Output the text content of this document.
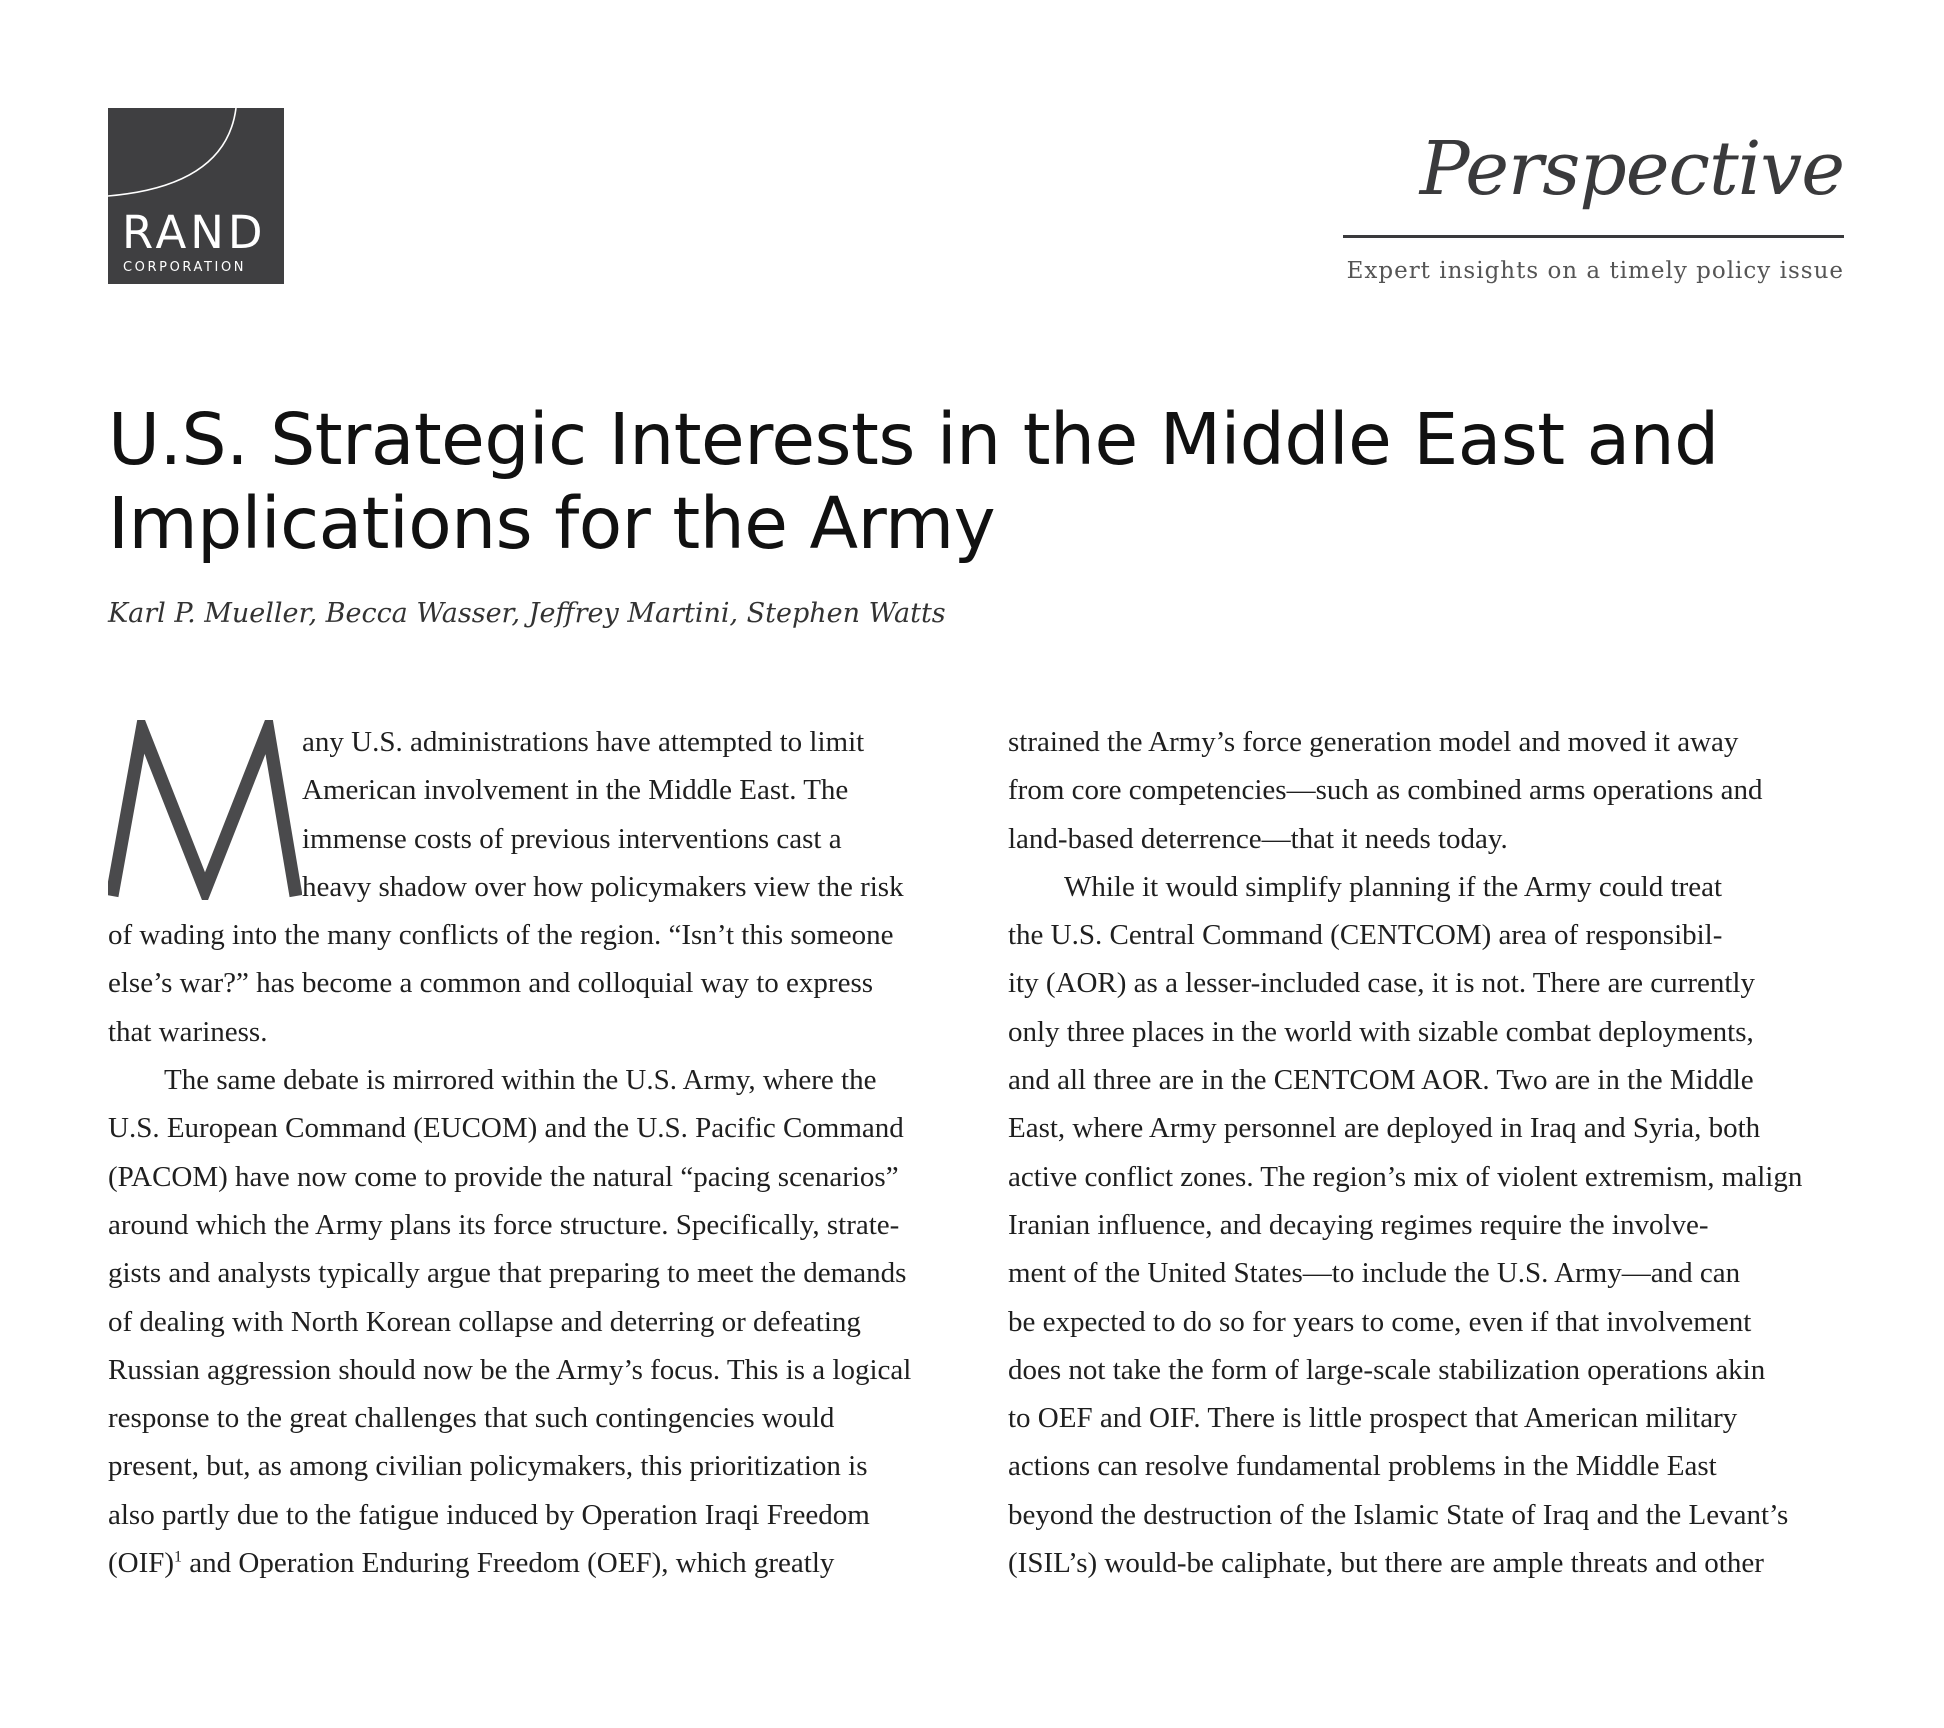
RAND
CORPORATION
Perspective
Expert insights on a timely policy issue
U.S. Strategic Interests in the Middle East and
Implications for the Army
Karl P. Mueller, Becca Wasser, Jeffrey Martini, Stephen Watts

any U.S. administrations have attempted to limit
American involvement in the Middle East. The
immense costs of previous interventions cast a
heavy shadow over how policymakers view the risk
of wading into the many conflicts of the region. “Isn’t this someone
else’s war?” has become a common and colloquial way to express
that wariness.

The same debate is mirrored within the U.S. Army, where the
U.S. European Command (EUCOM) and the U.S. Pacific Command
(PACOM) have now come to provide the natural “pacing scenarios”
around which the Army plans its force structure. Specifically, strate-
gists and analysts typically argue that preparing to meet the demands
of dealing with North Korean collapse and deterring or defeating
Russian aggression should now be the Army’s focus. This is a logical
response to the great challenges that such contingencies would
present, but, as among civilian policymakers, this prioritization is
also partly due to the fatigue induced by Operation Iraqi Freedom
(OIF)$^1$ and Operation Enduring Freedom (OEF), which greatly

strained the Army’s force generation model and moved it away
from core competencies—such as combined arms operations and
land-based deterrence—that it needs today.

While it would simplify planning if the Army could treat
the U.S. Central Command (CENTCOM) area of responsibil-
ity (AOR) as a lesser-included case, it is not. There are currently
only three places in the world with sizable combat deployments,
and all three are in the CENTCOM AOR. Two are in the Middle
East, where Army personnel are deployed in Iraq and Syria, both
active conflict zones. The region’s mix of violent extremism, malign
Iranian influence, and decaying regimes require the involve-
ment of the United States—to include the U.S. Army—and can
be expected to do so for years to come, even if that involvement
does not take the form of large-scale stabilization operations akin
to OEF and OIF. There is little prospect that American military
actions can resolve fundamental problems in the Middle East
beyond the destruction of the Islamic State of Iraq and the Levant’s
(ISIL’s) would-be caliphate, but there are ample threats and other
